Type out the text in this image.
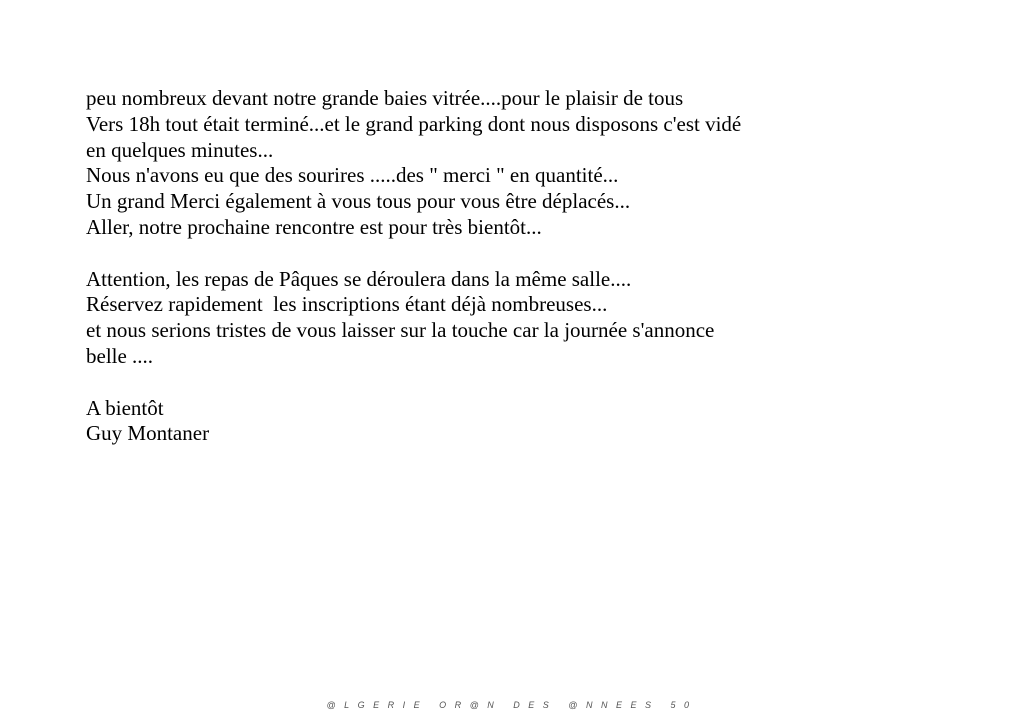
peu nombreux devant notre grande baies vitrée....pour le plaisir de tous
Vers 18h tout était terminé...et le grand parking dont nous disposons c'est vidé
en quelques minutes...
Nous n'avons eu que des sourires .....des " merci " en quantité...
Un grand Merci également à vous tous pour vous être déplacés...
Aller, notre prochaine rencontre est pour très bientôt...
Attention, les repas de Pâques se déroulera dans la même salle....
Réservez rapidement  les inscriptions étant déjà nombreuses...
et nous serions tristes de vous laisser sur la touche car la journée s'annonce
belle ....
A bientôt
Guy Montaner
@LGERIE OR@N DES @NNEES 50
